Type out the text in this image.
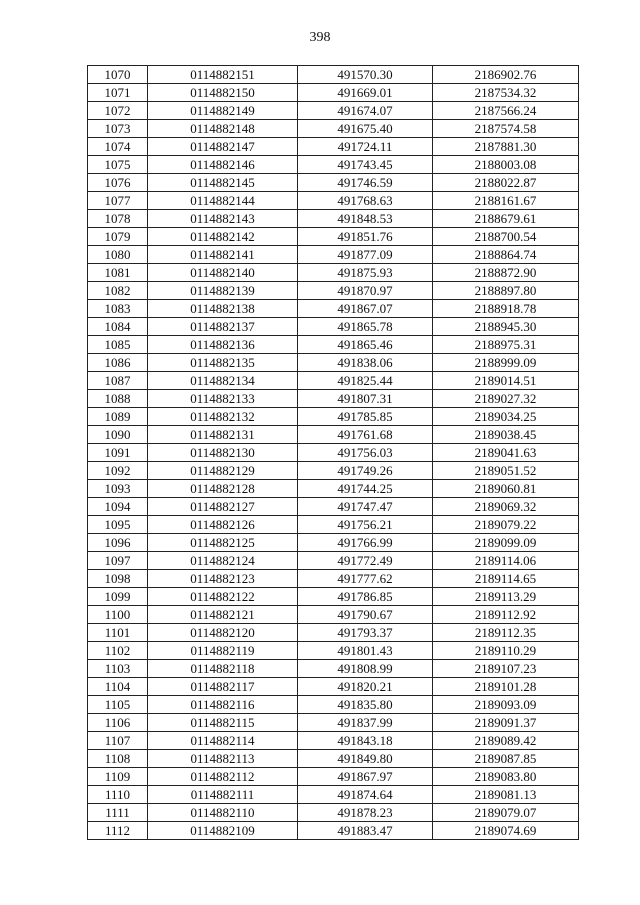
398
1070	0114882151	491570.30	2186902.76
1071	0114882150	491669.01	2187534.32
1072	0114882149	491674.07	2187566.24
1073	0114882148	491675.40	2187574.58
1074	0114882147	491724.11	2187881.30
1075	0114882146	491743.45	2188003.08
1076	0114882145	491746.59	2188022.87
1077	0114882144	491768.63	2188161.67
1078	0114882143	491848.53	2188679.61
1079	0114882142	491851.76	2188700.54
1080	0114882141	491877.09	2188864.74
1081	0114882140	491875.93	2188872.90
1082	0114882139	491870.97	2188897.80
1083	0114882138	491867.07	2188918.78
1084	0114882137	491865.78	2188945.30
1085	0114882136	491865.46	2188975.31
1086	0114882135	491838.06	2188999.09
1087	0114882134	491825.44	2189014.51
1088	0114882133	491807.31	2189027.32
1089	0114882132	491785.85	2189034.25
1090	0114882131	491761.68	2189038.45
1091	0114882130	491756.03	2189041.63
1092	0114882129	491749.26	2189051.52
1093	0114882128	491744.25	2189060.81
1094	0114882127	491747.47	2189069.32
1095	0114882126	491756.21	2189079.22
1096	0114882125	491766.99	2189099.09
1097	0114882124	491772.49	2189114.06
1098	0114882123	491777.62	2189114.65
1099	0114882122	491786.85	2189113.29
1100	0114882121	491790.67	2189112.92
1101	0114882120	491793.37	2189112.35
1102	0114882119	491801.43	2189110.29
1103	0114882118	491808.99	2189107.23
1104	0114882117	491820.21	2189101.28
1105	0114882116	491835.80	2189093.09
1106	0114882115	491837.99	2189091.37
1107	0114882114	491843.18	2189089.42
1108	0114882113	491849.80	2189087.85
1109	0114882112	491867.97	2189083.80
1110	0114882111	491874.64	2189081.13
1111	0114882110	491878.23	2189079.07
1112	0114882109	491883.47	2189074.69
